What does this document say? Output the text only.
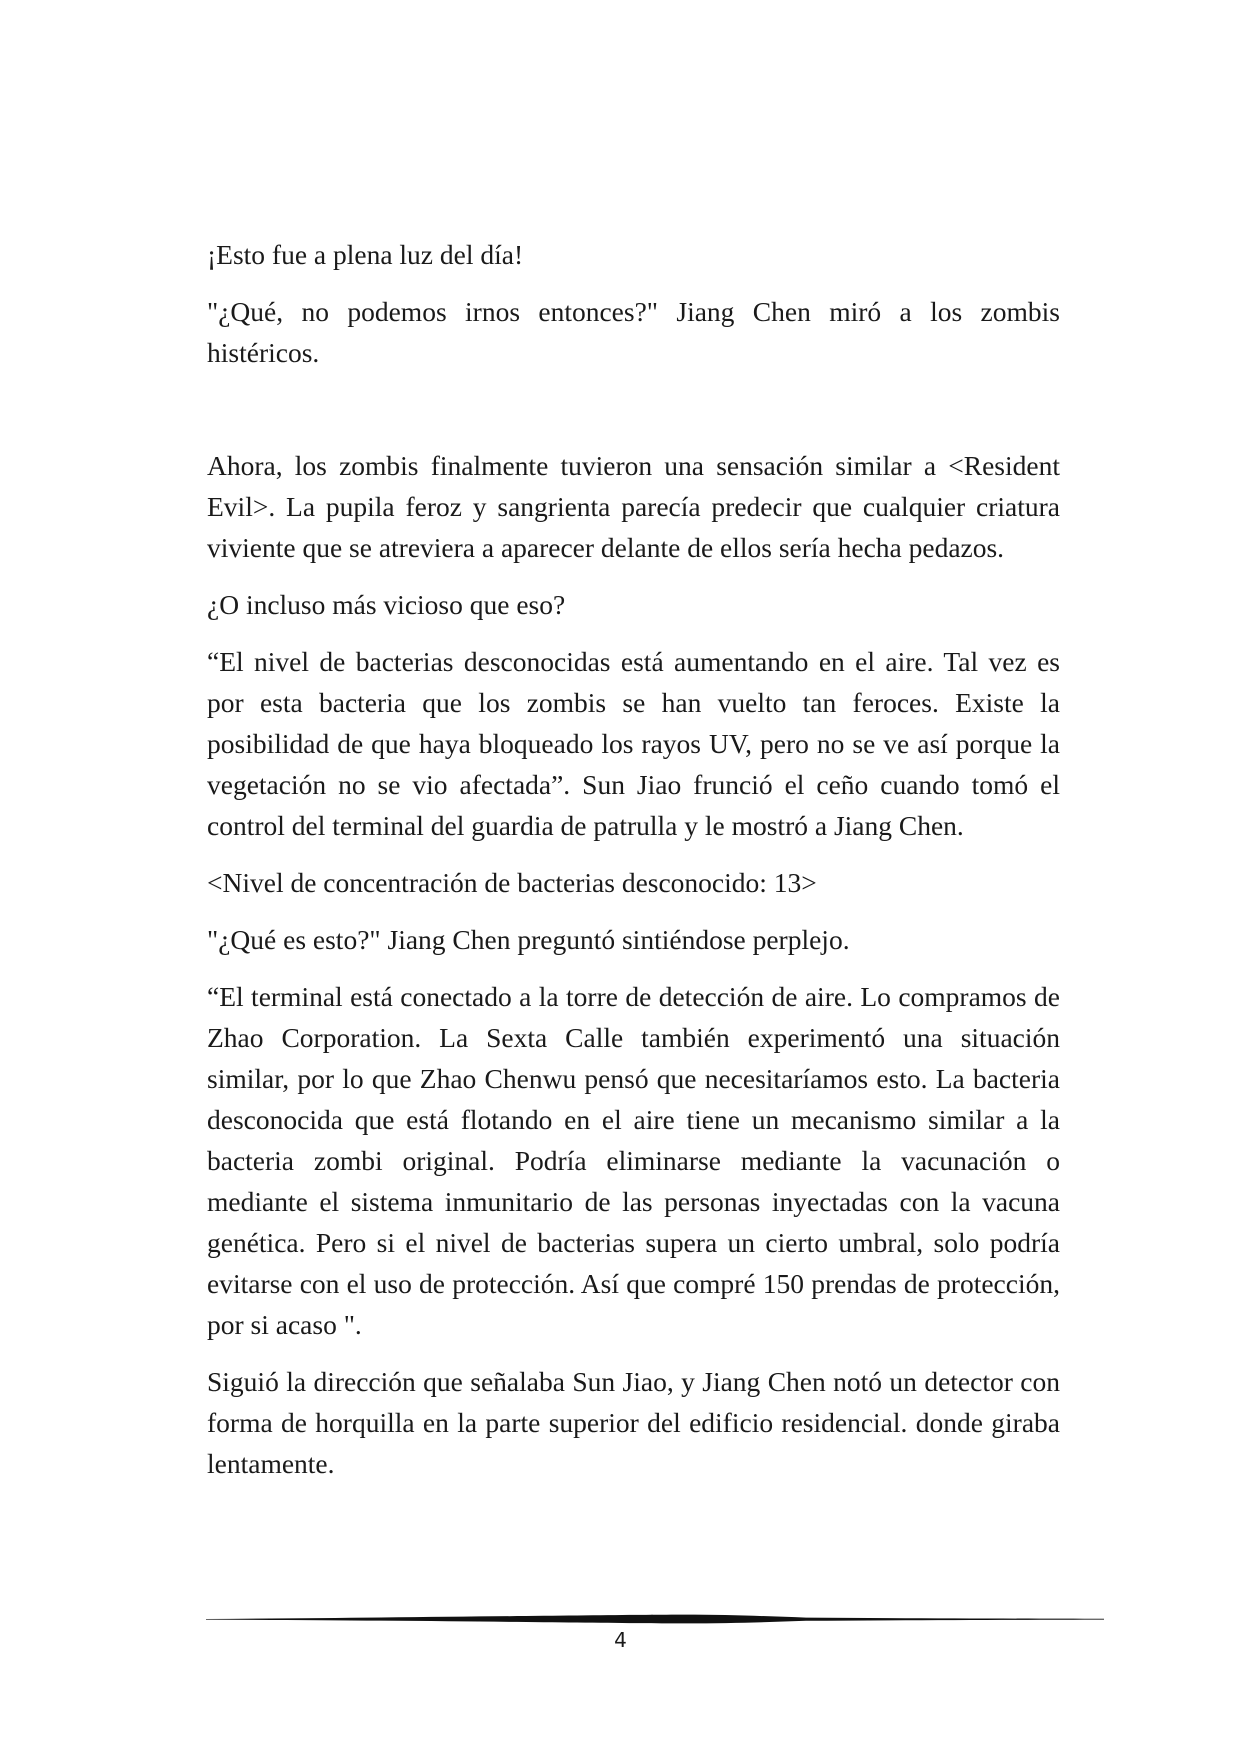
¡Esto fue a plena luz del día!

"¿Qué, no podemos irnos entonces?" Jiang Chen miró a los zombis histéricos.

Ahora, los zombis finalmente tuvieron una sensación similar a <Resident Evil>. La pupila feroz y sangrienta parecía predecir que cualquier criatura viviente que se atreviera a aparecer delante de ellos sería hecha pedazos.

¿O incluso más vicioso que eso?

“El nivel de bacterias desconocidas está aumentando en el aire. Tal vez es por esta bacteria que los zombis se han vuelto tan feroces. Existe la posibilidad de que haya bloqueado los rayos UV, pero no se ve así porque la vegetación no se vio afectada”. Sun Jiao frunció el ceño cuando tomó el control del terminal del guardia de patrulla y le mostró a Jiang Chen.

<Nivel de concentración de bacterias desconocido: 13>

"¿Qué es esto?" Jiang Chen preguntó sintiéndose perplejo.

“El terminal está conectado a la torre de detección de aire. Lo compramos de Zhao Corporation. La Sexta Calle también experimentó una situación similar, por lo que Zhao Chenwu pensó que necesitaríamos esto. La bacteria desconocida que está flotando en el aire tiene un mecanismo similar a la bacteria zombi original. Podría eliminarse mediante la vacunación o mediante el sistema inmunitario de las personas inyectadas con la vacuna genética. Pero si el nivel de bacterias supera un cierto umbral, solo podría evitarse con el uso de protección. Así que compré 150 prendas de protección, por si acaso ".

Siguió la dirección que señalaba Sun Jiao, y Jiang Chen notó un detector con forma de horquilla en la parte superior del edificio residencial. donde giraba lentamente.

4
